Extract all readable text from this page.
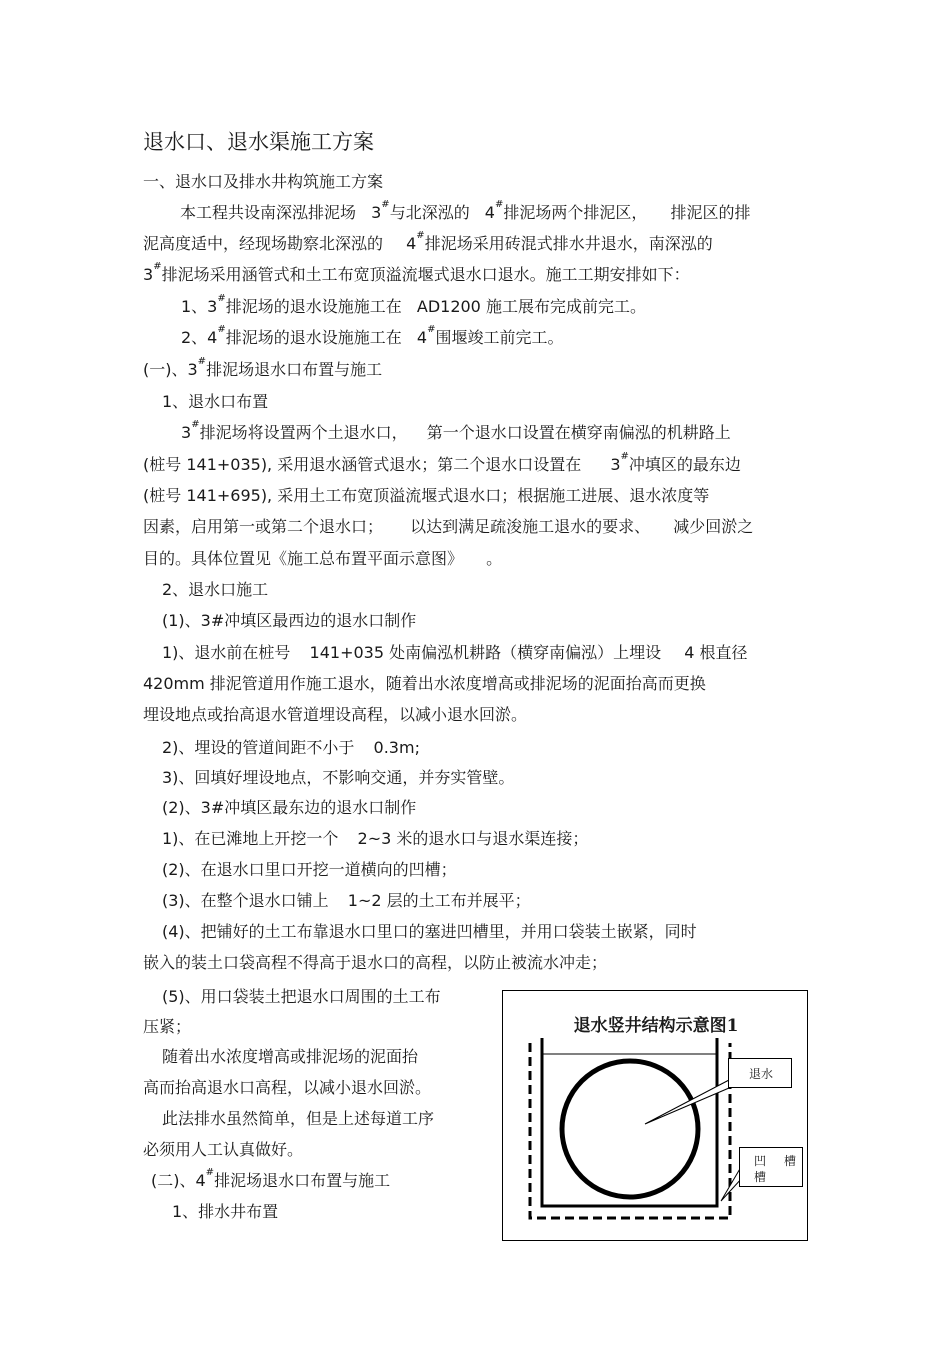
退水口、退水渠施工方案
一、退水口及排水井构筑施工方案
本工程共设南深泓排泥场 3#与北深泓的 4#排泥场两个排泥区， 排泥区的排
泥高度适中，经现场勘察北深泓的 4#排泥场采用砖混式排水井退水，南深泓的
3#排泥场采用涵管式和土工布宽顶溢流堰式退水口退水。施工工期安排如下：
1、3#排泥场的退水设施施工在 AD1200 施工展布完成前完工。
2、4#排泥场的退水设施施工在 4#围堰竣工前完工。
(一)、3#排泥场退水口布置与施工
1、退水口布置
3#排泥场将设置两个土退水口， 第一个退水口设置在横穿南偏泓的机耕路上
(桩号 141+035), 采用退水涵管式退水；第二个退水口设置在 3#冲填区的最东边
(桩号 141+695), 采用土工布宽顶溢流堰式退水口；根据施工进展、退水浓度等
因素，启用第一或第二个退水口； 以达到满足疏浚施工退水的要求、 减少回淤之
目的。具体位置见《施工总布置平面示意图》 。
2、退水口施工
(1)、3#冲填区最西边的退水口制作
1)、退水前在桩号 141+035 处南偏泓机耕路（横穿南偏泓）上埋设 4 根直径
420mm 排泥管道用作施工退水，随着出水浓度增高或排泥场的泥面抬高而更换
埋设地点或抬高退水管道埋设高程，以减小退水回淤。
2)、埋设的管道间距不小于 0.3m;
3)、回填好埋设地点，不影响交通，并夯实管壁。
(2)、3#冲填区最东边的退水口制作
1)、在已滩地上开挖一个 2~3 米的退水口与退水渠连接；
(2)、在退水口里口开挖一道横向的凹槽；
(3)、在整个退水口铺上 1~2 层的土工布并展平；
(4)、把铺好的土工布靠退水口里口的塞进凹槽里，并用口袋装土嵌紧，同时
嵌入的装土口袋高程不得高于退水口的高程，以防止被流水冲走；
(5)、用口袋装土把退水口周围的土工布
压紧；
随着出水浓度增高或排泥场的泥面抬
高而抬高退水口高程，以减小退水回淤。
此法排水虽然简单，但是上述每道工序
必须用人工认真做好。
(二)、4#排泥场退水口布置与施工
1、排水井布置
退水竖井结构示意图1
退水
凹 槽
槽
